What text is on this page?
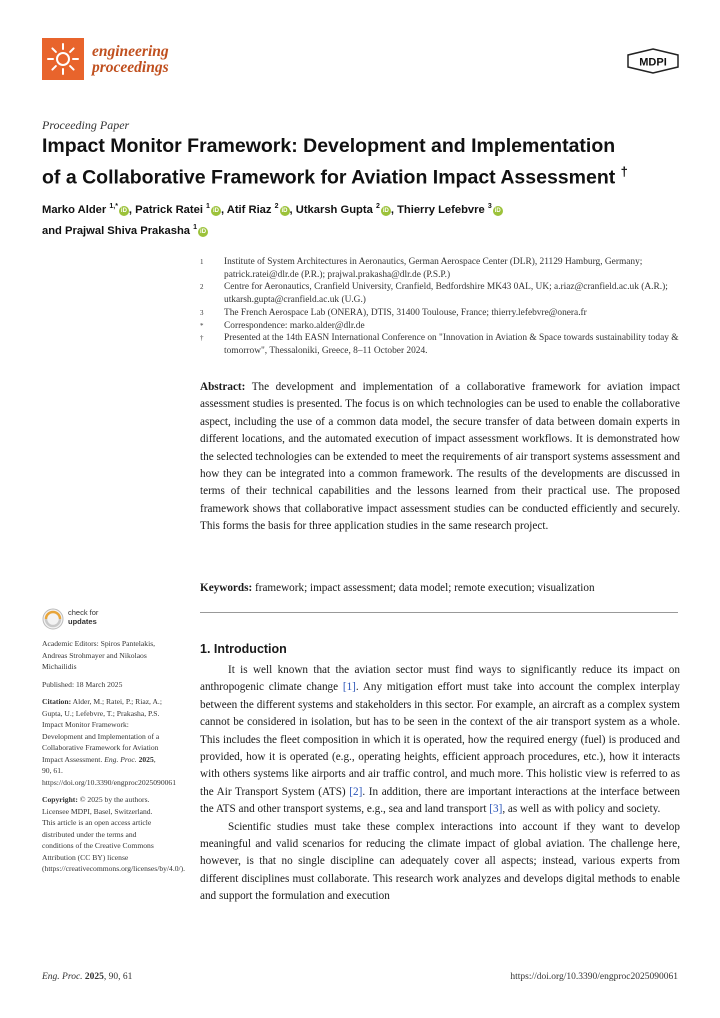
engineering
proceedings	MDPI
Proceeding Paper
Impact Monitor Framework: Development and Implementation
of a Collaborative Framework for Aviation Impact Assessment †
Marko Alder $^{1,*}$iD , Patrick Ratei $^1$iD , Atif Riaz $^2$iD , Utkarsh Gupta $^2$iD , Thierry Lefebvre $^3$iD
and Prajwal Shiva Prakasha $^1$iD
1 Institute of System Architectures in Aeronautics, German Aerospace Center (DLR), 21129 Hamburg, Germany; patrick.ratei@dlr.de (P.R.); prajwal.prakasha@dlr.de (P.S.P.)
2 Centre for Aeronautics, Cranfield University, Cranfield, Bedfordshire MK43 0AL, UK; a.riaz@cranfield.ac.uk (A.R.); utkarsh.gupta@cranfield.ac.uk (U.G.)
3 The French Aerospace Lab (ONERA), DTIS, 31400 Toulouse, France; thierry.lefebvre@onera.fr
* Correspondence: marko.alder@dlr.de
† Presented at the 14th EASN International Conference on "Innovation in Aviation & Space towards sustainability today & tomorrow", Thessaloniki, Greece, 8–11 October 2024.
Abstract: The development and implementation of a collaborative framework for aviation impact assessment studies is presented. The focus is on which technologies can be used to enable the collaborative aspect, including the use of a common data model, the secure transfer of data between domain experts in different locations, and the automated execution of impact assessment workflows. It is demonstrated how the selected technologies can be extended to meet the requirements of air transport systems assessment and how they can be integrated into a common framework. The results of the developments are discussed in terms of their technical capabilities and the lessons learned from their practical use. The proposed framework shows that collaborative impact assessment studies can be conducted efficiently and securely. This forms the basis for three application studies in the same research project.
Keywords: framework; impact assessment; data model; remote execution; visualization
check for
updates

Academic Editors: Spiros Pantelakis, Andreas Strohmayer and Nikolaos Michailidis

Published: 18 March 2025

Citation: Alder, M.; Ratei, P.; Riaz, A.; Gupta, U.; Lefebvre, T.; Prakasha, P.S. Impact Monitor Framework: Development and Implementation of a Collaborative Framework for Aviation Impact Assessment. Eng. Proc. 2025, 90, 61. https://doi.org/10.3390/engproc2025090061

Copyright: © 2025 by the authors. Licensee MDPI, Basel, Switzerland. This article is an open access article distributed under the terms and conditions of the Creative Commons Attribution (CC BY) license (https://creativecommons.org/licenses/by/4.0/).

1. Introduction

It is well known that the aviation sector must find ways to significantly reduce its impact on anthropogenic climate change [1]. Any mitigation effort must take into account the complex interplay between the different systems and stakeholders in this sector. For example, an aircraft as a complex system cannot be considered in isolation, but has to be seen in the context of the air transport system as a whole. This includes the fleet composition in which it is operated, how the required energy (fuel) is produced and provided, how it is operated (e.g., operating heights, efficient approach procedures, etc.), how it interacts with others systems like airports and air traffic control, and much more. This holistic view is referred to as the Air Transport System (ATS) [2]. In addition, there are important interactions at the interface between the ATS and other transport systems, e.g., sea and land transport [3], as well as with policy and society.

Scientific studies must take these complex interactions into account if they want to develop meaningful and valid scenarios for reducing the climate impact of global aviation. The challenge here, however, is that no single discipline can adequately cover all aspects; instead, various experts from different disciplines must collaborate. This research work analyzes and develops digital methods to enable and support the formulation and execution

Eng. Proc. 2025, 90, 61	https://doi.org/10.3390/engproc2025090061
